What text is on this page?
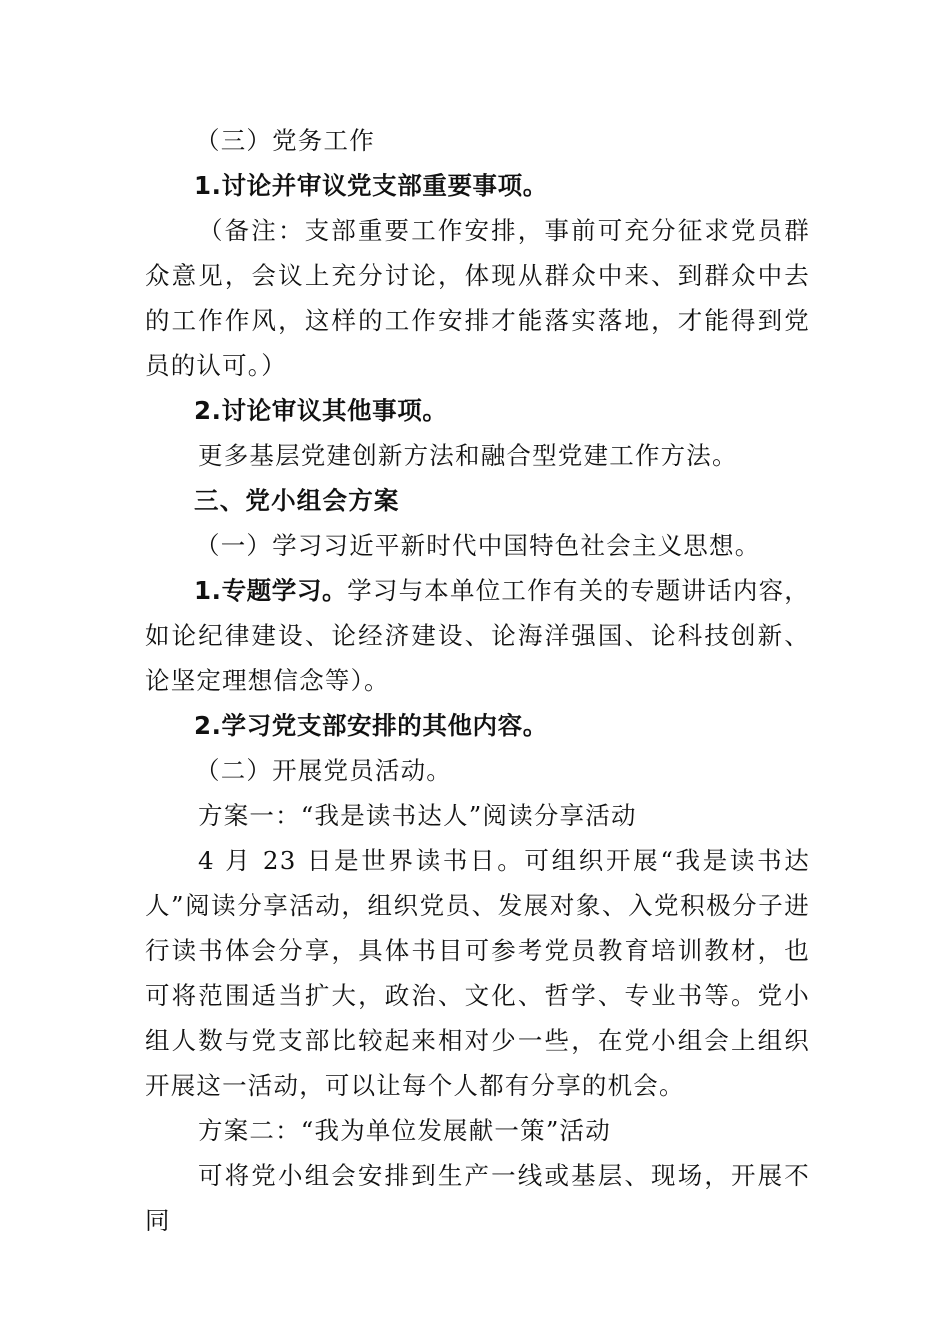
（三）党务工作

1.讨论并审议党支部重要事项。

（备注：支部重要工作安排，事前可充分征求党员群众意见，会议上充分讨论，体现从群众中来、到群众中去的工作作风，这样的工作安排才能落实落地，才能得到党员的认可。）

2.讨论审议其他事项。

更多基层党建创新方法和融合型党建工作方法。

三、党小组会方案

（一）学习习近平新时代中国特色社会主义思想。

1.专题学习。学习与本单位工作有关的专题讲话内容，如论纪律建设、论经济建设、论海洋强国、论科技创新、论坚定理想信念等）。

2.学习党支部安排的其他内容。

（二）开展党员活动。

方案一：“我是读书达人”阅读分享活动

4 月 23 日是世界读书日。可组织开展“我是读书达人”阅读分享活动，组织党员、发展对象、入党积极分子进行读书体会分享，具体书目可参考党员教育培训教材，也可将范围适当扩大，政治、文化、哲学、专业书等。党小组人数与党支部比较起来相对少一些，在党小组会上组织开展这一活动，可以让每个人都有分享的机会。

方案二：“我为单位发展献一策”活动

可将党小组会安排到生产一线或基层、现场，开展不同
